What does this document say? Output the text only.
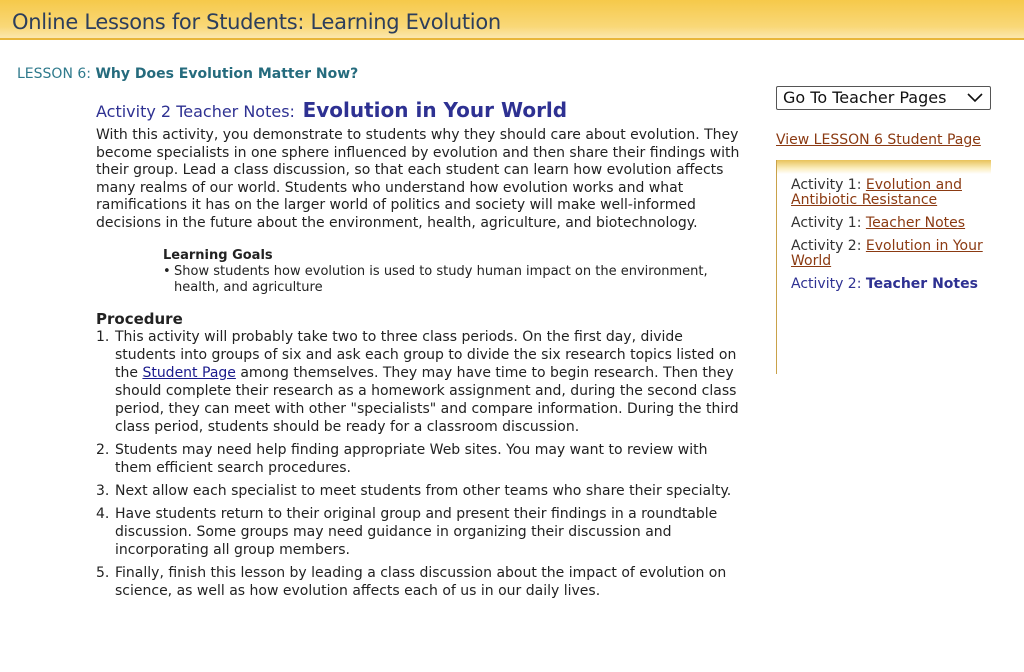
Online Lessons for Students: Learning Evolution
LESSON 6: Why Does Evolution Matter Now?
Activity 2 Teacher Notes: Evolution in Your World

With this activity, you demonstrate to students why they should care about evolution. They become specialists in one sphere influenced by evolution and then share their findings with their group. Lead a class discussion, so that each student can learn how evolution affects many realms of our world. Students who understand how evolution works and what ramifications it has on the larger world of politics and society will make well-informed decisions in the future about the environment, health, agriculture, and biotechnology.

Learning Goals
• Show students how evolution is used to study human impact on the environment, health, and agriculture
Procedure
1. This activity will probably take two to three class periods. On the first day, divide students into groups of six and ask each group to divide the six research topics listed on the Student Page among themselves. They may have time to begin research. Then they should complete their research as a homework assignment and, during the second class period, they can meet with other "specialists" and compare information. During the third class period, students should be ready for a classroom discussion.
2. Students may need help finding appropriate Web sites. You may want to review with them efficient search procedures.
3. Next allow each specialist to meet students from other teams who share their specialty.
4. Have students return to their original group and present their findings in a roundtable discussion. Some groups may need guidance in organizing their discussion and incorporating all group members.
5. Finally, finish this lesson by leading a class discussion about the impact of evolution on science, as well as how evolution affects each of us in our daily lives.
Go To Teacher Pages
View LESSON 6 Student Page
Activity 1: Evolution and Antibiotic Resistance
Activity 1: Teacher Notes
Activity 2: Evolution in Your World
Activity 2: Teacher Notes
